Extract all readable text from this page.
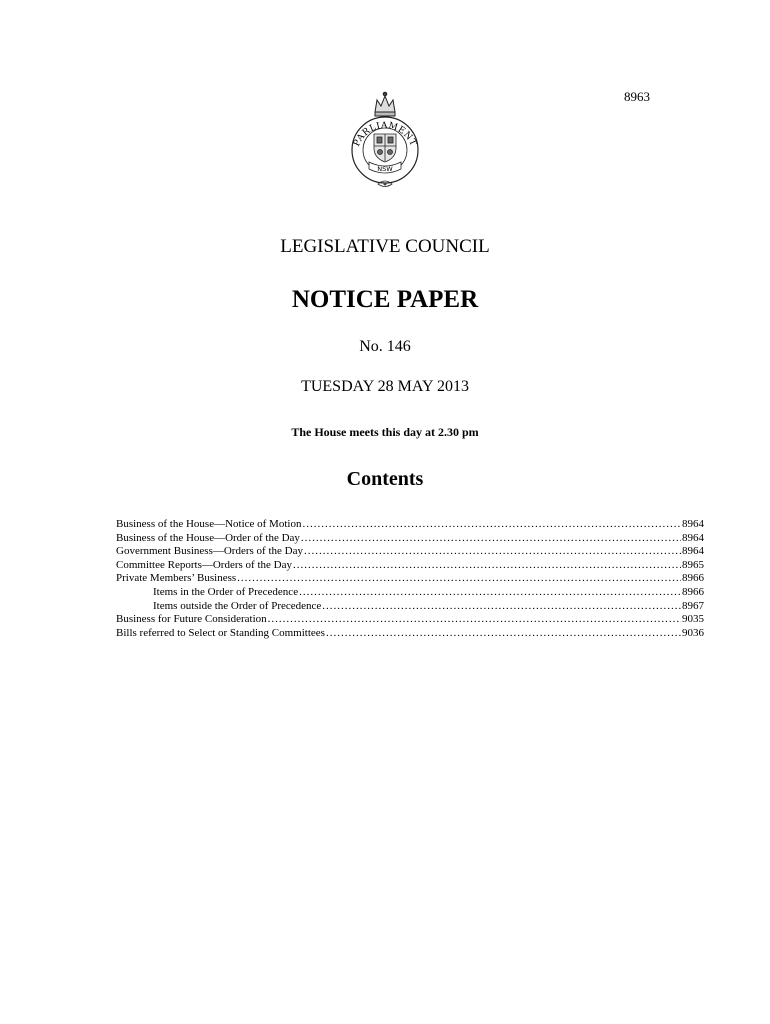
8963
PARLIAMENT
NSW
LEGISLATIVE COUNCIL
NOTICE PAPER
No. 146
TUESDAY 28 MAY 2013
The House meets this day at 2.30 pm
Contents
Business of the House—Notice of Motion .....	8964
Business of the House—Order of the Day .....	8964
Government Business—Orders of the Day .....	8964
Committee Reports—Orders of the Day .....	8965
Private Members’ Business .....	8966
Items in the Order of Precedence .....	8966
Items outside the Order of Precedence .....	8967
Business for Future Consideration .....	9035
Bills referred to Select or Standing Committees .....	9036
